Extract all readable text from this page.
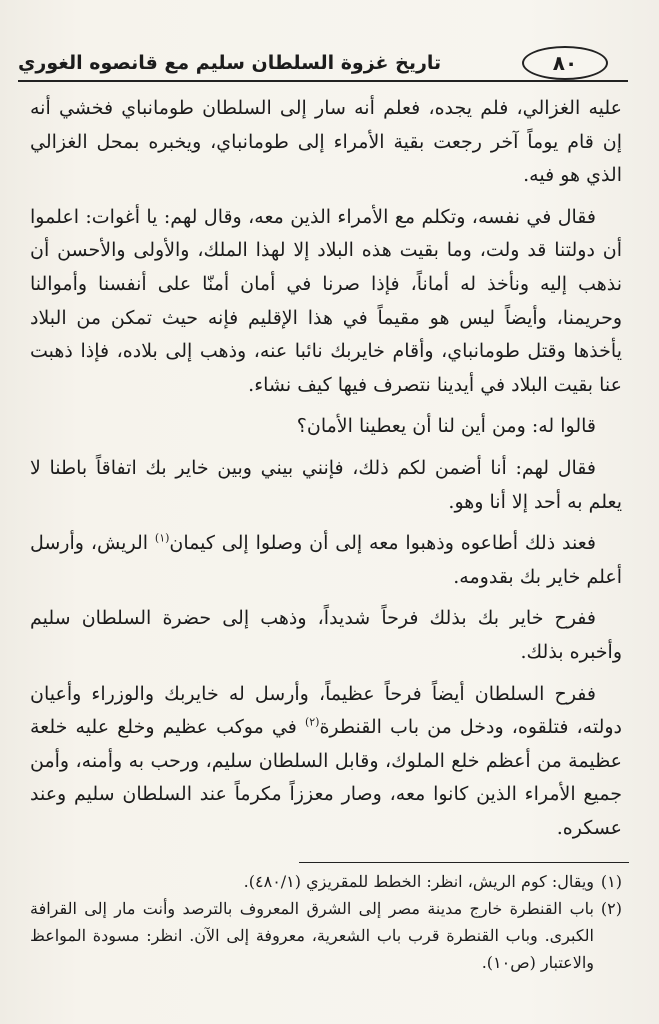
تاريخ غزوة السلطان سليم مع قانصوه الغوري	٨٠

عليه الغزالي، فلم يجده، فعلم أنه سار إلى السلطان طومانباي فخشي أنه إن قام يوماً آخر رجعت بقية الأمراء إلى طومانباي، ويخبره بمحل الغزالي الذي هو فيه.

فقال في نفسه، وتكلم مع الأمراء الذين معه، وقال لهم: يا أغوات: اعلموا أن دولتنا قد ولت، وما بقيت هذه البلاد إلا لهذا الملك، والأولى والأحسن أن نذهب إليه ونأخذ له أماناً، فإذا صرنا في أمان أمنّا على أنفسنا وأموالنا وحريمنا، وأيضاً ليس هو مقيماً في هذا الإقليم فإنه حيث تمكن من البلاد يأخذها وقتل طومانباي، وأقام خايربك نائبا عنه، وذهب إلى بلاده، فإذا ذهبت عنا بقيت البلاد في أيدينا نتصرف فيها كيف نشاء.

قالوا له: ومن أين لنا أن يعطينا الأمان؟

فقال لهم: أنا أضمن لكم ذلك، فإنني بيني وبين خاير بك اتفاقاً باطنا لا يعلم به أحد إلا أنا وهو.

فعند ذلك أطاعوه وذهبوا معه إلى أن وصلوا إلى كيمان$^{(١)}$ الريش، وأرسل أعلم خاير بك بقدومه.

ففرح خاير بك بذلك فرحاً شديداً، وذهب إلى حضرة السلطان سليم وأخبره بذلك.

ففرح السلطان أيضاً فرحاً عظيماً، وأرسل له خايربك والوزراء وأعيان دولته، فتلقوه، ودخل من باب القنطرة$^{(٢)}$ في موكب عظيم وخلع عليه خلعة عظيمة من أعظم خلع الملوك، وقابل السلطان سليم، ورحب به وأمنه، وأمن جميع الأمراء الذين كانوا معه، وصار معززاً مكرماً عند السلطان سليم وعند عسكره.

(١)
ويقال: كوم الريش، انظر: الخطط للمقريزي (٤٨٠/١).

(٢)
باب القنطرة خارج مدينة مصر إلى الشرق المعروف بالترصد وأنت مار إلى القرافة الكبرى. وباب القنطرة قرب باب الشعرية، معروفة إلى الآن. انظر: مسودة المواعظ والاعتبار (ص١٠).
